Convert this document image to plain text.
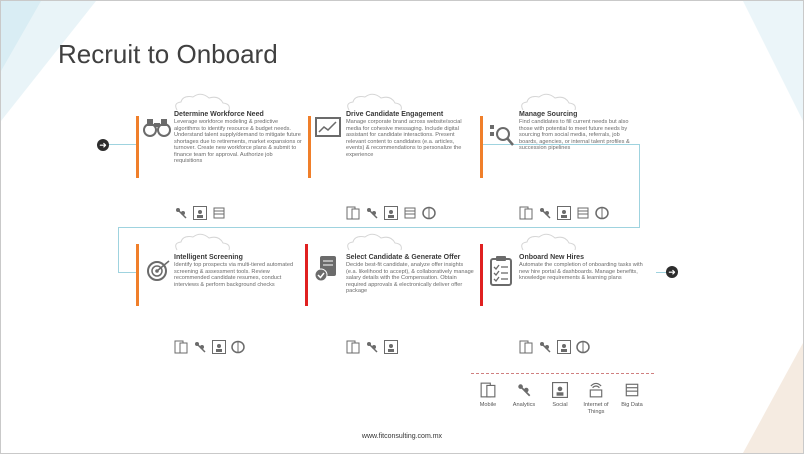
Recruit to Onboard
➜
➜
Determine Workforce Need
Leverage workforce modeling & predictive algorithms to identify resource & budget needs. Understand talent supply/demand to mitigate future shortages due to retirements, market expansions or turnover. Create new workforce plans & submit to finance team for approval. Authorize job requisitions
Drive Candidate Engagement
Manage corporate brand across website/social media for cohesive messaging. Include digital assistant for candidate interactions. Present relevant content to candidates (e.a. articles, events) & recommendations to personalize the experience
Manage Sourcing
Find candidates to fill current needs but also those with potential to meet future needs by sourcing from social media, referrals, job boards, agencies, or internal talent profiles & succession pipelines
Intelligent Screening
Identify top prospects via multi-tiered automated screening & assessment tools. Review recommended candidate resumes, conduct interviews & perform background checks
Select Candidate & Generate Offer
Decide best-fit candidate, analyze offer insights (e.a. likelihood to accept), & collaboratively manage salary details with the Compensation. Obtain required approvals & electronically deliver offer package
Onboard New Hires
Automate the completion of onboarding tasks with new hire portal & dashboards. Manage benefits, knowledge requirements & learning plans
Mobile	Analytics	Social	Internet of Things
Big Data
www.fitconsulting.com.mx
